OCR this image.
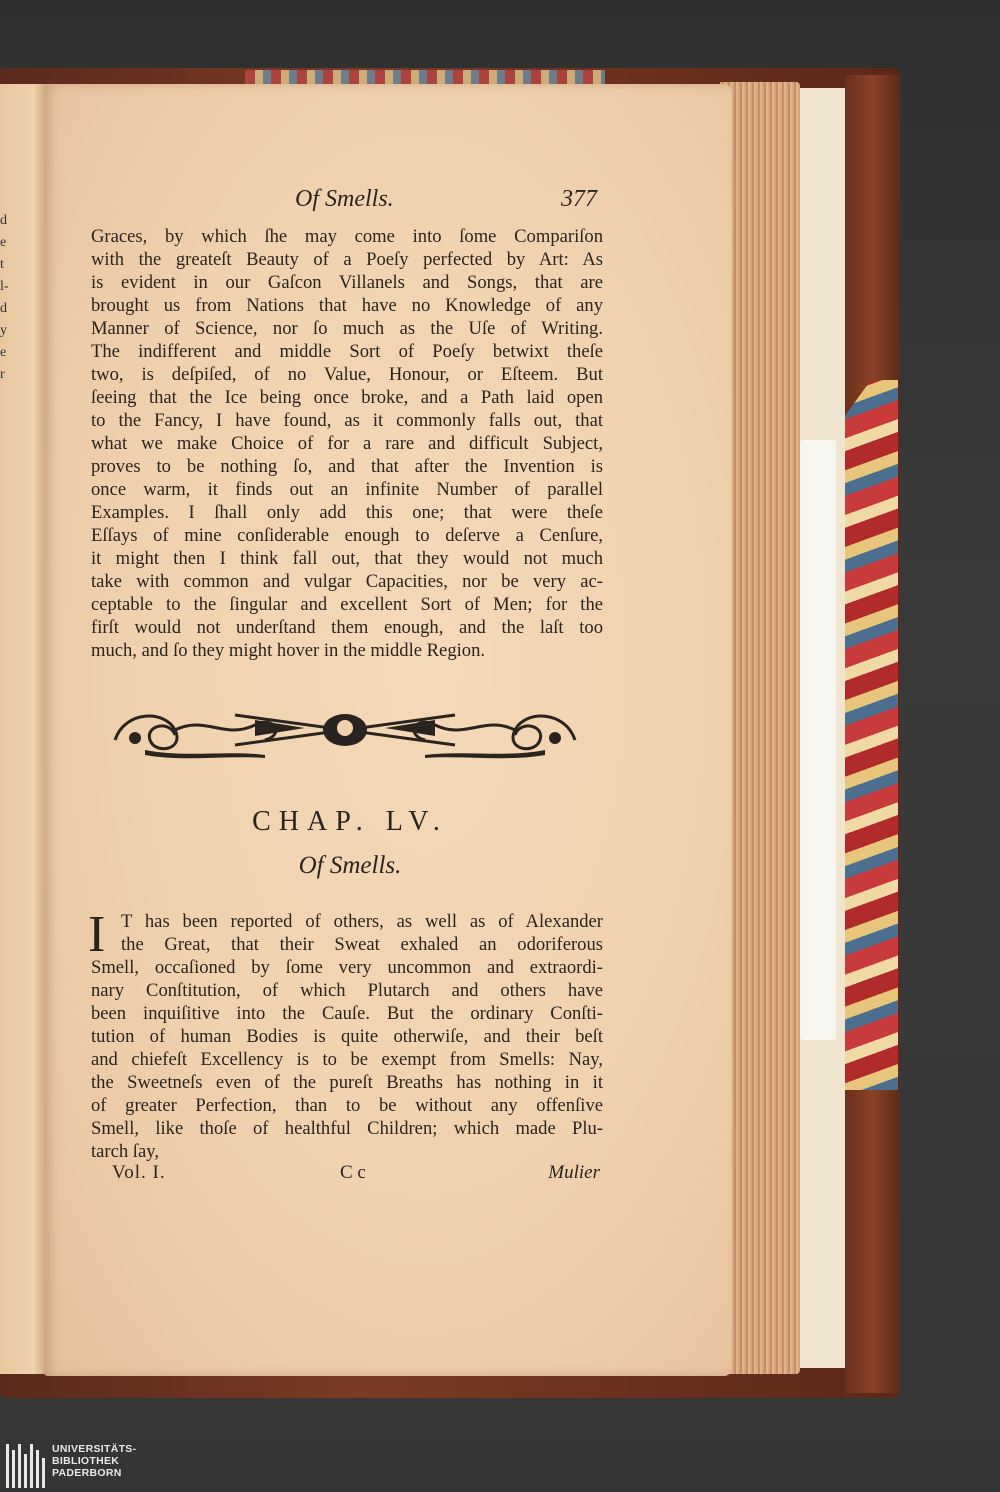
d
e
t
l-
d
y
e
r
Of Smells.	377
Graces, by which ſhe may come into ſome Compariſon
with the greateſt Beauty of a Poeſy perfected by Art: As
is evident in our Gaſcon Villanels and Songs, that are
brought us from Nations that have no Knowledge of any
Manner of Science, nor ſo much as the Uſe of Writing.
The indifferent and middle Sort of Poeſy betwixt theſe
two, is deſpiſed, of no Value, Honour, or Eſteem. But
ſeeing that the Ice being once broke, and a Path laid open
to the Fancy, I have found, as it commonly falls out, that
what we make Choice of for a rare and difficult Subject,
proves to be nothing ſo, and that after the Invention is
once warm, it finds out an infinite Number of parallel
Examples. I ſhall only add this one; that were theſe
Eſſays of mine conſiderable enough to deſerve a Cenſure,
it might then I think fall out, that they would not much
take with common and vulgar Capacities, nor be very ac-
ceptable to the ſingular and excellent Sort of Men; for the
firſt would not underſtand them enough, and the laſt too
much, and ſo they might hover in the middle Region.
CHAP. LV.
Of Smells.
I T has been reported of others, as well as of Alexander
the Great, that their Sweat exhaled an odoriferous
Smell, occaſioned by ſome very uncommon and extraordi-
nary Conſtitution, of which Plutarch and others have
been inquiſitive into the Cauſe. But the ordinary Conſti-
tution of human Bodies is quite otherwiſe, and their beſt
and chiefeſt Excellency is to be exempt from Smells: Nay,
the Sweetneſs even of the pureſt Breaths has nothing in it
of greater Perfection, than to be without any offenſive
Smell, like thoſe of healthful Children; which made Plu-
tarch ſay,
Vol. I.	C c	Mulier
UNIVERSITÄTS-
BIBLIOTHEK
PADERBORN
